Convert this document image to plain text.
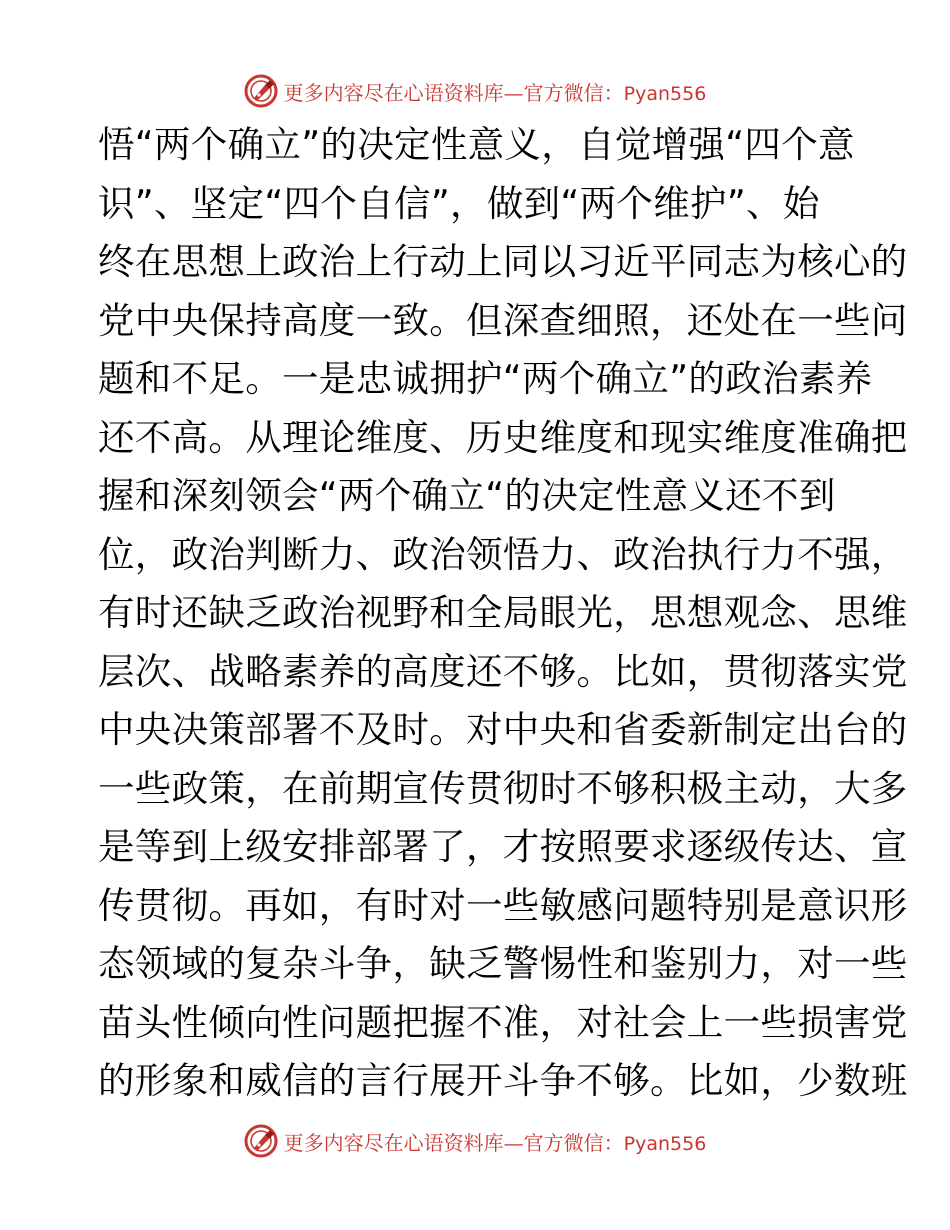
更多内容尽在心语资料库—官方微信：Pyan556
悟“两个确立”的决定性意义，自觉增强“四个意
识”、坚定“四个自信”，做到“两个维护”、始
终在思想上政治上行动上同以习近平同志为核心的
党中央保持高度一致。但深查细照，还处在一些问
题和不足。一是忠诚拥护“两个确立”的政治素养
还不高。从理论维度、历史维度和现实维度准确把
握和深刻领会“两个确立“的决定性意义还不到
位，政治判断力、政治领悟力、政治执行力不强，
有时还缺乏政治视野和全局眼光，思想观念、思维
层次、战略素养的高度还不够。比如，贯彻落实党
中央决策部署不及时。对中央和省委新制定出台的
一些政策，在前期宣传贯彻时不够积极主动，大多
是等到上级安排部署了，才按照要求逐级传达、宣
传贯彻。再如，有时对一些敏感问题特别是意识形
态领域的复杂斗争，缺乏警惕性和鉴别力，对一些
苗头性倾向性问题把握不准，对社会上一些损害党
的形象和威信的言行展开斗争不够。比如，少数班
更多内容尽在心语资料库—官方微信：Pyan556
